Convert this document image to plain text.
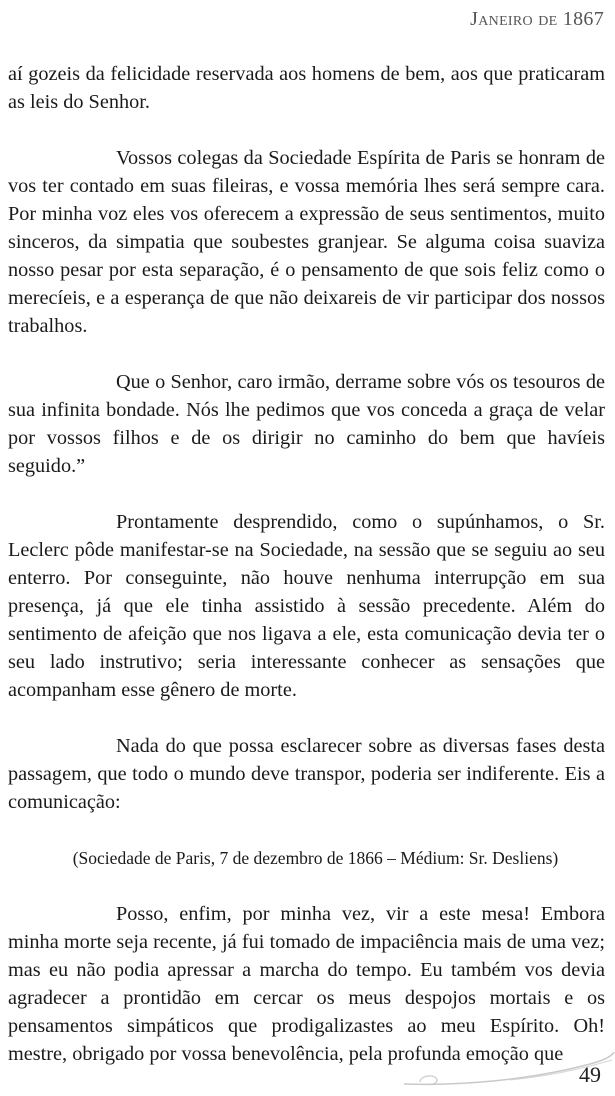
Janeiro de 1867

aí gozeis da felicidade reservada aos homens de bem, aos que praticaram as leis do Senhor.

Vossos colegas da Sociedade Espírita de Paris se honram de vos ter contado em suas fileiras, e vossa memória lhes será sempre cara. Por minha voz eles vos oferecem a expressão de seus sentimentos, muito sinceros, da simpatia que soubestes granjear. Se alguma coisa suaviza nosso pesar por esta separação, é o pensamento de que sois feliz como o merecíeis, e a esperança de que não deixareis de vir participar dos nossos trabalhos.

Que o Senhor, caro irmão, derrame sobre vós os tesouros de sua infinita bondade. Nós lhe pedimos que vos conceda a graça de velar por vossos filhos e de os dirigir no caminho do bem que havíeis seguido.”

Prontamente desprendido, como o supúnhamos, o Sr. Leclerc pôde manifestar-se na Sociedade, na sessão que se seguiu ao seu enterro. Por conseguinte, não houve nenhuma interrupção em sua presença, já que ele tinha assistido à sessão precedente. Além do sentimento de afeição que nos ligava a ele, esta comunicação devia ter o seu lado instrutivo; seria interessante conhecer as sensações que acompanham esse gênero de morte.

Nada do que possa esclarecer sobre as diversas fases desta passagem, que todo o mundo deve transpor, poderia ser indiferente. Eis a comunicação:

(Sociedade de Paris, 7 de dezembro de 1866 – Médium: Sr. Desliens)

Posso, enfim, por minha vez, vir a este mesa! Embora minha morte seja recente, já fui tomado de impaciência mais de uma vez; mas eu não podia apressar a marcha do tempo. Eu também vos devia agradecer a prontidão em cercar os meus despojos mortais e os pensamentos simpáticos que prodigalizastes ao meu Espírito. Oh! mestre, obrigado por vossa benevolência, pela profunda emoção que

49
